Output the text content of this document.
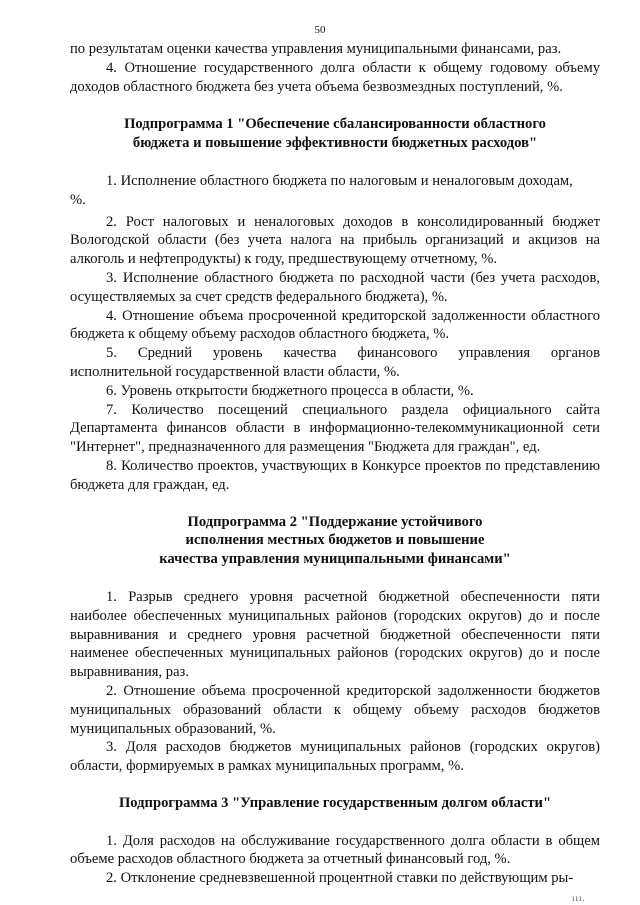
50

по результатам оценки качества управления муниципальными финансами, раз.

4. Отношение государственного долга области к общему годовому объему доходов областного бюджета без учета объема безвозмездных поступлений, %.

Подпрограмма 1 "Обеспечение сбалансированности областного
бюджета и повышение эффективности бюджетных расходов"

1. Исполнение областного бюджета по налоговым и неналоговым доходам,

%.

2. Рост налоговых и неналоговых доходов в консолидированный бюджет Вологодской области (без учета налога на прибыль организаций и акцизов на алкоголь и нефтепродукты) к году, предшествующему отчетному, %.

3. Исполнение областного бюджета по расходной части (без учета расходов, осуществляемых за счет средств федерального бюджета), %.

4. Отношение объема просроченной кредиторской задолженности областного бюджета к общему объему расходов областного бюджета, %.

5. Средний уровень качества финансового управления органов исполнительной государственной власти области, %.

6. Уровень открытости бюджетного процесса в области, %.

7. Количество посещений специального раздела официального сайта Департамента финансов области в информационно-телекоммуникационной сети "Интернет", предназначенного для размещения "Бюджета для граждан", ед.

8. Количество проектов, участвующих в Конкурсе проектов по представлению бюджета для граждан, ед.

Подпрограмма 2 "Поддержание устойчивого
исполнения местных бюджетов и повышение
качества управления муниципальными финансами"

1. Разрыв среднего уровня расчетной бюджетной обеспеченности пяти наиболее обеспеченных муниципальных районов (городских округов) до и после выравнивания и среднего уровня расчетной бюджетной обеспеченности пяти наименее обеспеченных муниципальных районов (городских округов) до и после выравнивания, раз.

2. Отношение объема просроченной кредиторской задолженности бюджетов муниципальных образований области к общему объему расходов бюджетов муниципальных образований, %.

3. Доля расходов бюджетов муниципальных районов (городских округов) области, формируемых в рамках муниципальных программ, %.

Подпрограмма 3 "Управление государственным долгом области"

1. Доля расходов на обслуживание государственного долга области в общем объеме расходов областного бюджета за отчетный финансовый год, %.

2. Отклонение средневзвешенной процентной ставки по действующим ры-

ııı.
